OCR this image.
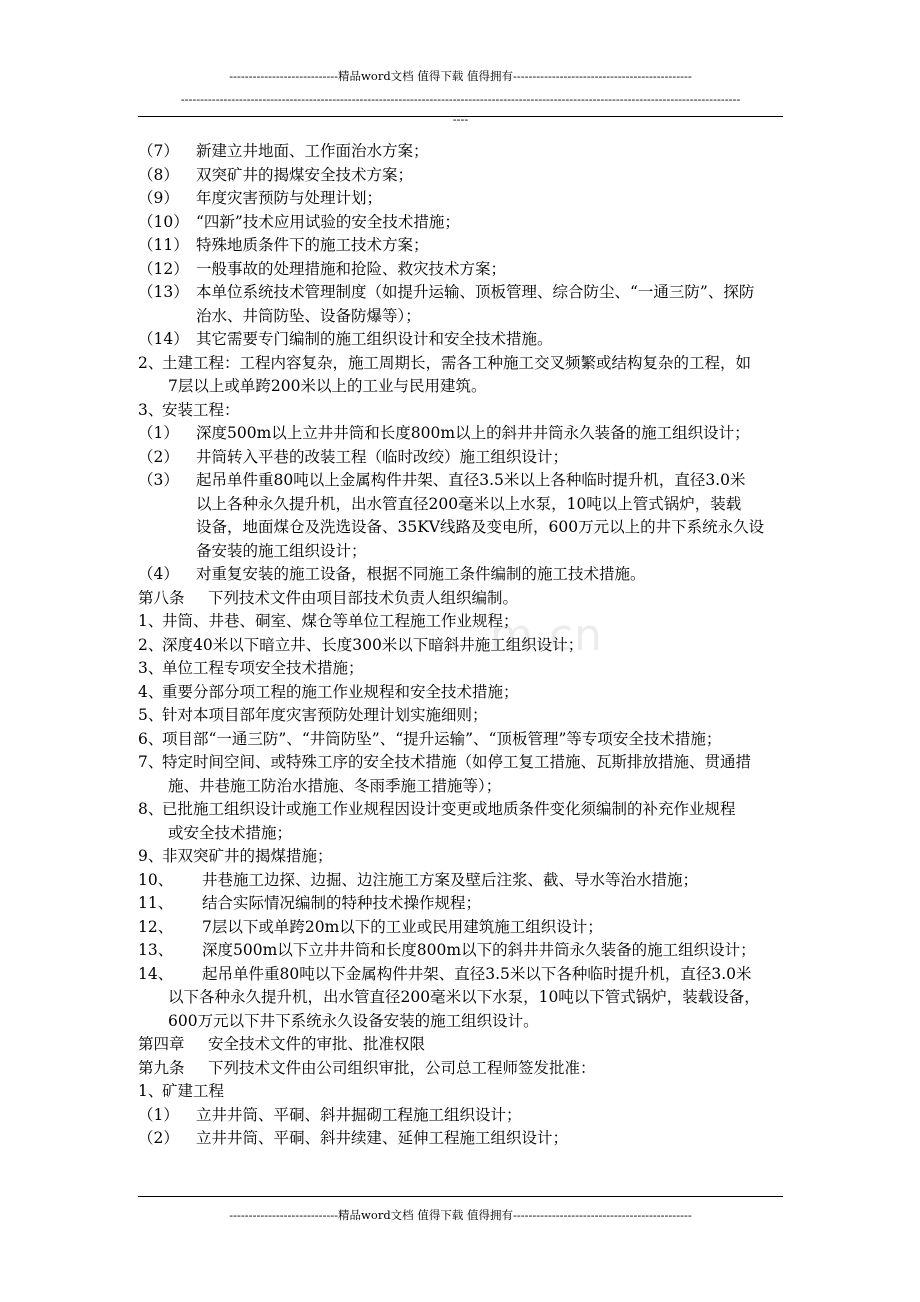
----------------------------精品word文档 值得下载 值得拥有----------------------------------------------
------------------------------------------------------------------------------------------------------------------------------------------------
----
m.cn
（7） 新建立井地面、工作面治水方案；
（8） 双突矿井的揭煤安全技术方案；
（9） 年度灾害预防与处理计划；
（10） “四新”技术应用试验的安全技术措施；
（11） 特殊地质条件下的施工技术方案；
（12） 一般事故的处理措施和抢险、救灾技术方案；
（13） 本单位系统技术管理制度（如提升运输、顶板管理、综合防尘、“一通三防”、探防
治水、井筒防坠、设备防爆等）；
（14） 其它需要专门编制的施工组织设计和安全技术措施。
2、
土建工程：工程内容复杂，施工周期长，需各工种施工交叉频繁或结构复杂的工程，如
7层以上或单跨200米以上的工业与民用建筑。
3、
安装工程：
（1） 深度500m以上立井井筒和长度800m以上的斜井井筒永久装备的施工组织设计；
（2） 井筒转入平巷的改装工程（临时改绞）施工组织设计；
（3） 起吊单件重80吨以上金属构件井架、直径3.5米以上各种临时提升机，直径3.0米
以上各种永久提升机，出水管直径200毫米以上水泵，10吨以上管式锅炉，装载
设备，地面煤仓及洗选设备、35KV线路及变电所，600万元以上的井下系统永久设
备安装的施工组织设计；
（4） 对重复安装的施工设备，根据不同施工条件编制的施工技术措施。
第八条 下列技术文件由项目部技术负责人组织编制。
1、
井筒、井巷、硐室、煤仓等单位工程施工作业规程；
2、
深度40米以下暗立井、长度300米以下暗斜井施工组织设计；
3、
单位工程专项安全技术措施；
4、
重要分部分项工程的施工作业规程和安全技术措施；
5、
针对本项目部年度灾害预防处理计划实施细则；
6、
项目部“一通三防”、“井筒防坠”、“提升运输”、“顶板管理”等专项安全技术措施；
7、
特定时间空间、或特殊工序的安全技术措施（如停工复工措施、瓦斯排放措施、贯通措
施、井巷施工防治水措施、冬雨季施工措施等）；
8、
已批施工组织设计或施工作业规程因设计变更或地质条件变化须编制的补充作业规程
或安全技术措施；
9、
非双突矿井的揭煤措施；
10、 井巷施工边探、边掘、边注施工方案及壁后注浆、截、导水等治水措施；
11、 结合实际情况编制的特种技术操作规程；
12、 7层以下或单跨20m以下的工业或民用建筑施工组织设计；
13、 深度500m以下立井井筒和长度800m以下的斜井井筒永久装备的施工组织设计；
14、 起吊单件重80吨以下金属构件井架、直径3.5米以下各种临时提升机，直径3.0米
以下各种永久提升机，出水管直径200毫米以下水泵，10吨以下管式锅炉，装载设备，
600万元以下井下系统永久设备安装的施工组织设计。
第四章 安全技术文件的审批、批准权限
第九条 下列技术文件由公司组织审批，公司总工程师签发批准：
1、
矿建工程
（1） 立井井筒、平硐、斜井掘砌工程施工组织设计；
（2） 立井井筒、平硐、斜井续建、延伸工程施工组织设计；
----------------------------精品word文档 值得下载 值得拥有----------------------------------------------
